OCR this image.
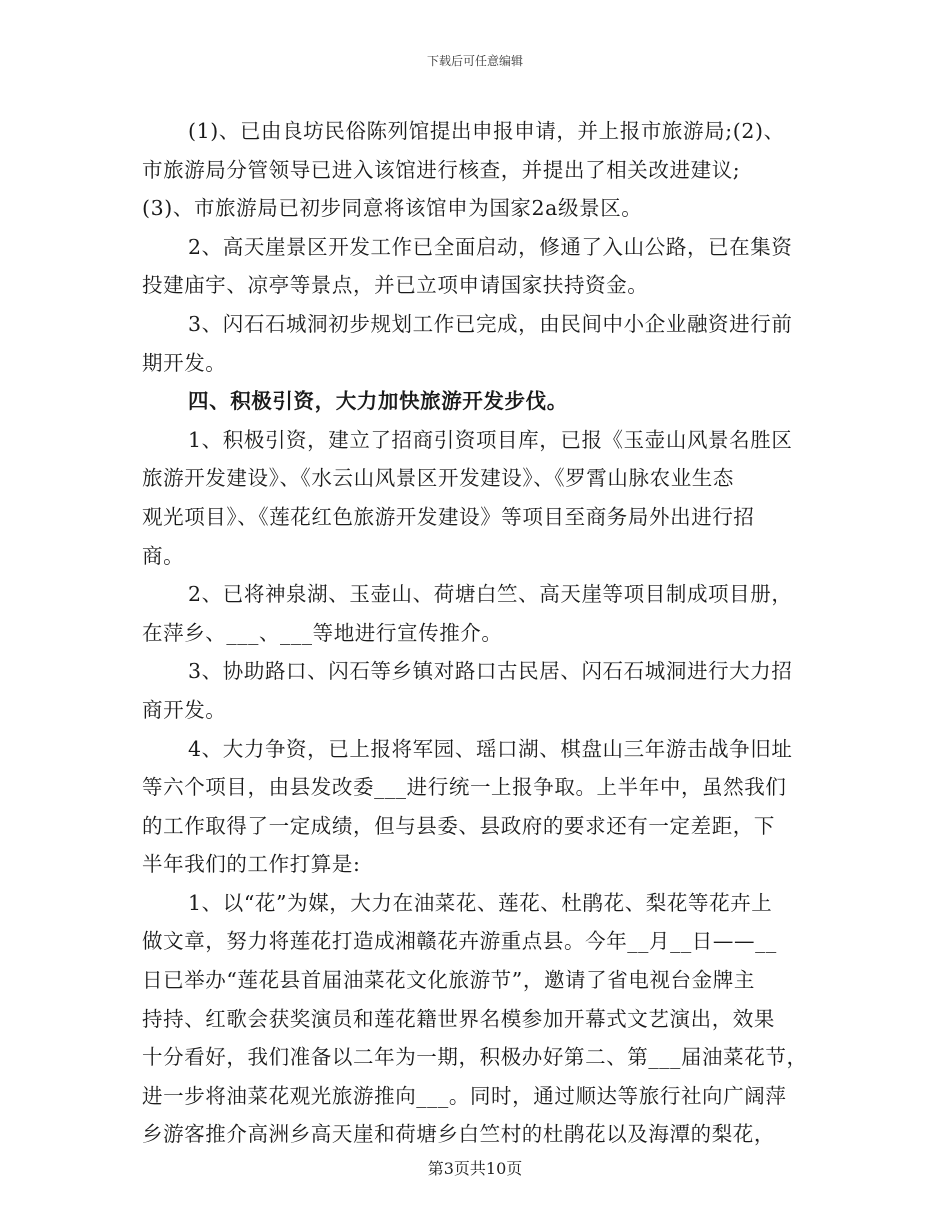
下载后可任意编辑
(1)、已由良坊民俗陈列馆提出申报申请，并上报市旅游局;(2)、
市旅游局分管领导已进入该馆进行核查，并提出了相关改进建议;
(3)、市旅游局已初步同意将该馆申为国家2a级景区。
2、高天崖景区开发工作已全面启动，修通了入山公路，已在集资
投建庙宇、凉亭等景点，并已立项申请国家扶持资金。
3、闪石石城洞初步规划工作已完成，由民间中小企业融资进行前
期开发。
四、积极引资，大力加快旅游开发步伐。
1、积极引资，建立了招商引资项目库，已报《玉壶山风景名胜区
旅游开发建设》、《水云山风景区开发建设》、《罗霄山脉农业生态
观光项目》、《莲花红色旅游开发建设》等项目至商务局外出进行招
商。
2、已将神泉湖、玉壶山、荷塘白竺、高天崖等项目制成项目册，
在萍乡、___、___等地进行宣传推介。
3、协助路口、闪石等乡镇对路口古民居、闪石石城洞进行大力招
商开发。
4、大力争资，已上报将军园、瑶口湖、棋盘山三年游击战争旧址
等六个项目，由县发改委___进行统一上报争取。上半年中，虽然我们
的工作取得了一定成绩，但与县委、县政府的要求还有一定差距，下
半年我们的工作打算是:
1、以“花”为媒，大力在油菜花、莲花、杜鹃花、梨花等花卉上
做文章，努力将莲花打造成湘赣花卉游重点县。今年__月__日——__
日已举办“莲花县首届油菜花文化旅游节”，邀请了省电视台金牌主
持持、红歌会获奖演员和莲花籍世界名模参加开幕式文艺演出，效果
十分看好，我们准备以二年为一期，积极办好第二、第___届油菜花节，
进一步将油菜花观光旅游推向___。同时，通过顺达等旅行社向广阔萍
乡游客推介高洲乡高天崖和荷塘乡白竺村的杜鹃花以及海潭的梨花，
第3页共10页
